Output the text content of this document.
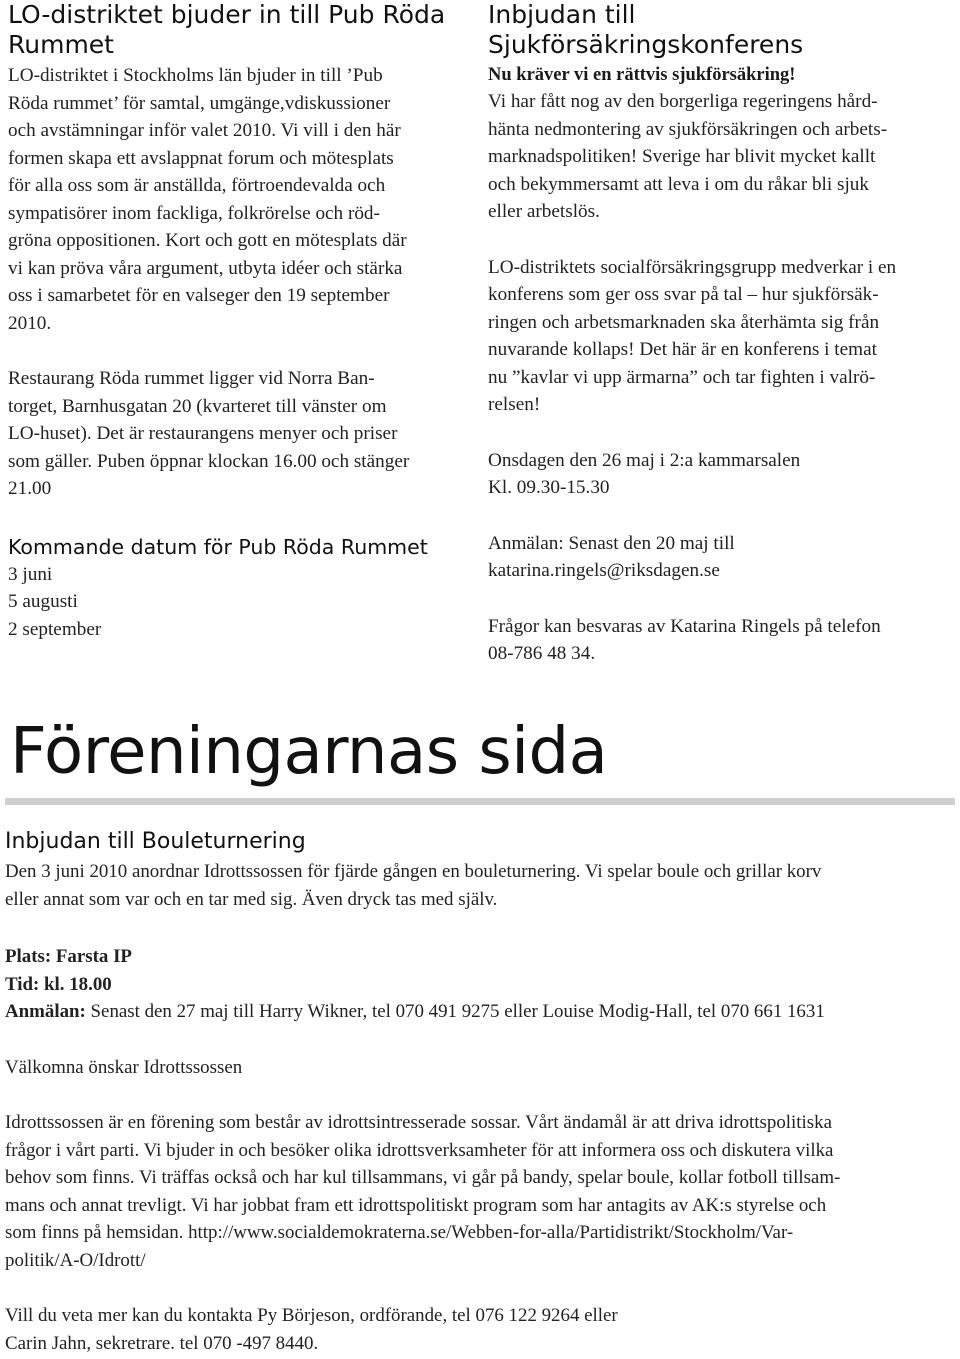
LO-distriktet bjuder in till Pub Röda Rummet

LO-distriktet i Stockholms län bjuder in till ’Pub
Röda rummet’ för samtal, umgänge,vdiskussioner
och avstämningar inför valet 2010. Vi vill i den här
formen skapa ett avslappnat forum och mötesplats
för alla oss som är anställda, förtroendevalda och
sympatisörer inom fackliga, folkrörelse och röd-
gröna oppositionen. Kort och gott en mötesplats där
vi kan pröva våra argument, utbyta idéer och stärka
oss i samarbetet för en valseger den 19 september
2010.

Restaurang Röda rummet ligger vid Norra Ban-
torget, Barnhusgatan 20 (kvarteret till vänster om
LO-huset). Det är restaurangens menyer och priser
som gäller. Puben öppnar klockan 16.00 och stänger
21.00

Kommande datum för Pub Röda Rummet

3 juni
5 augusti
2 september

Inbjudan till
Sjukförsäkringskonferens

Nu kräver vi en rättvis sjukförsäkring!

Vi har fått nog av den borgerliga regeringens hård-
hänta nedmontering av sjukförsäkringen och arbets-
marknadspolitiken! Sverige har blivit mycket kallt
och bekymmersamt att leva i om du råkar bli sjuk
eller arbetslös.

LO-distriktets socialförsäkringsgrupp medverkar i en
konferens som ger oss svar på tal – hur sjukförsäk-
ringen och arbetsmarknaden ska återhämta sig från
nuvarande kollaps! Det här är en konferens i temat
nu ”kavlar vi upp ärmarna” och tar fighten i valrö-
relsen!

Onsdagen den 26 maj i 2:a kammarsalen
Kl. 09.30-15.30

Anmälan: Senast den 20 maj till
katarina.ringels@riksdagen.se

Frågor kan besvaras av Katarina Ringels på telefon
08-786 48 34.

Föreningarnas sida
Inbjudan till Bouleturnering

Den 3 juni 2010 anordnar Idrottssossen för fjärde gången en bouleturnering. Vi spelar boule och grillar korv
eller annat som var och en tar med sig. Även dryck tas med själv.

Plats: Farsta IP
Tid: kl. 18.00
Anmälan: Senast den 27 maj till Harry Wikner, tel 070 491 9275 eller Louise Modig-Hall, tel 070 661 1631

Välkomna önskar Idrottssossen

Idrottssossen är en förening som består av idrottsintresserade sossar. Vårt ändamål är att driva idrottspolitiska
frågor i vårt parti. Vi bjuder in och besöker olika idrottsverksamheter för att informera oss och diskutera vilka
behov som finns. Vi träffas också och har kul tillsammans, vi går på bandy, spelar boule, kollar fotboll tillsam-
mans och annat trevligt. Vi har jobbat fram ett idrottspolitiskt program som har antagits av AK:s styrelse och
som finns på hemsidan. http://www.socialdemokraterna.se/Webben-for-alla/Partidistrikt/Stockholm/Var-
politik/A-O/Idrott/

Vill du veta mer kan du kontakta Py Börjeson, ordförande, tel 076 122 9264 eller
Carin Jahn, sekretrare. tel 070 -497 8440.
